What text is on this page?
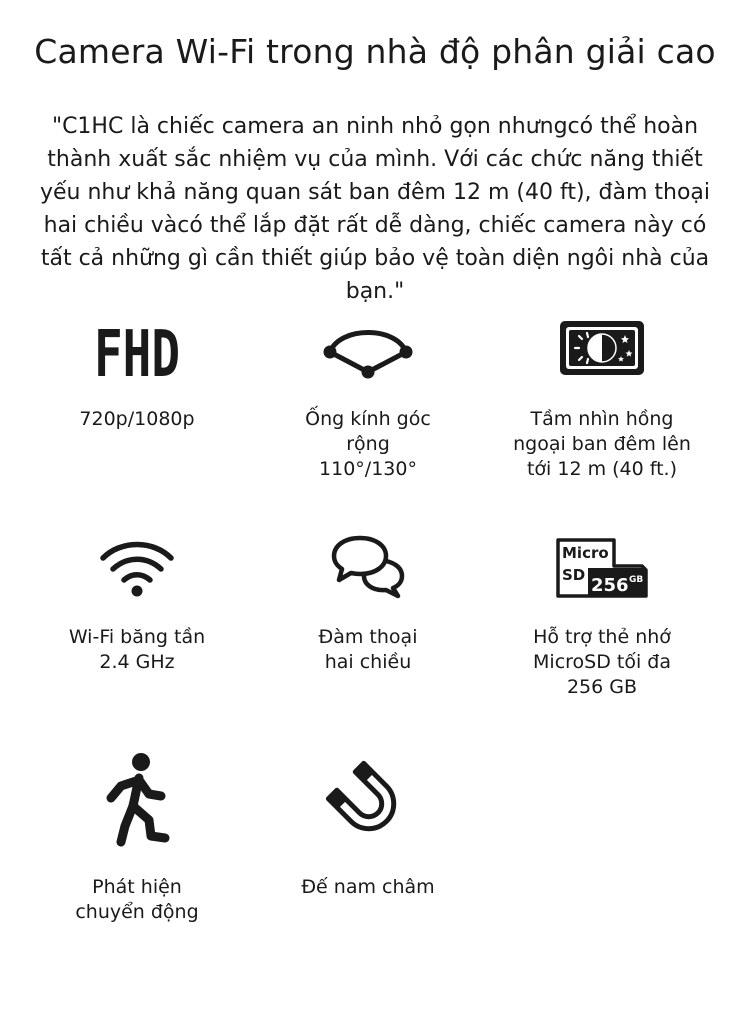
Camera Wi-Fi trong nhà độ phân giải cao

"C1HC là chiếc camera an ninh nhỏ gọn nhưngcó thể hoàn thành xuất sắc nhiệm vụ của mình. Với các chức năng thiết yếu như khả năng quan sát ban đêm 12 m (40 ft), đàm thoại hai chiều vàcó thể lắp đặt rất dễ dàng, chiếc camera này có tất cả những gì cần thiết giúp bảo vệ toàn diện ngôi nhà của bạn."

FHD

720p/1080p	Ống kính góc
rộng
110°/130°

Tầm nhìn hồng
ngoại ban đêm lên
tới 12 m (40 ft.)

Wi-Fi băng tần
2.4 GHz

Đàm thoại
hai chiều

Micro
SD 256 GB

Hỗ trợ thẻ nhớ
MicroSD tối đa
256 GB

Phát hiện
chuyển động

Đế nam châm
